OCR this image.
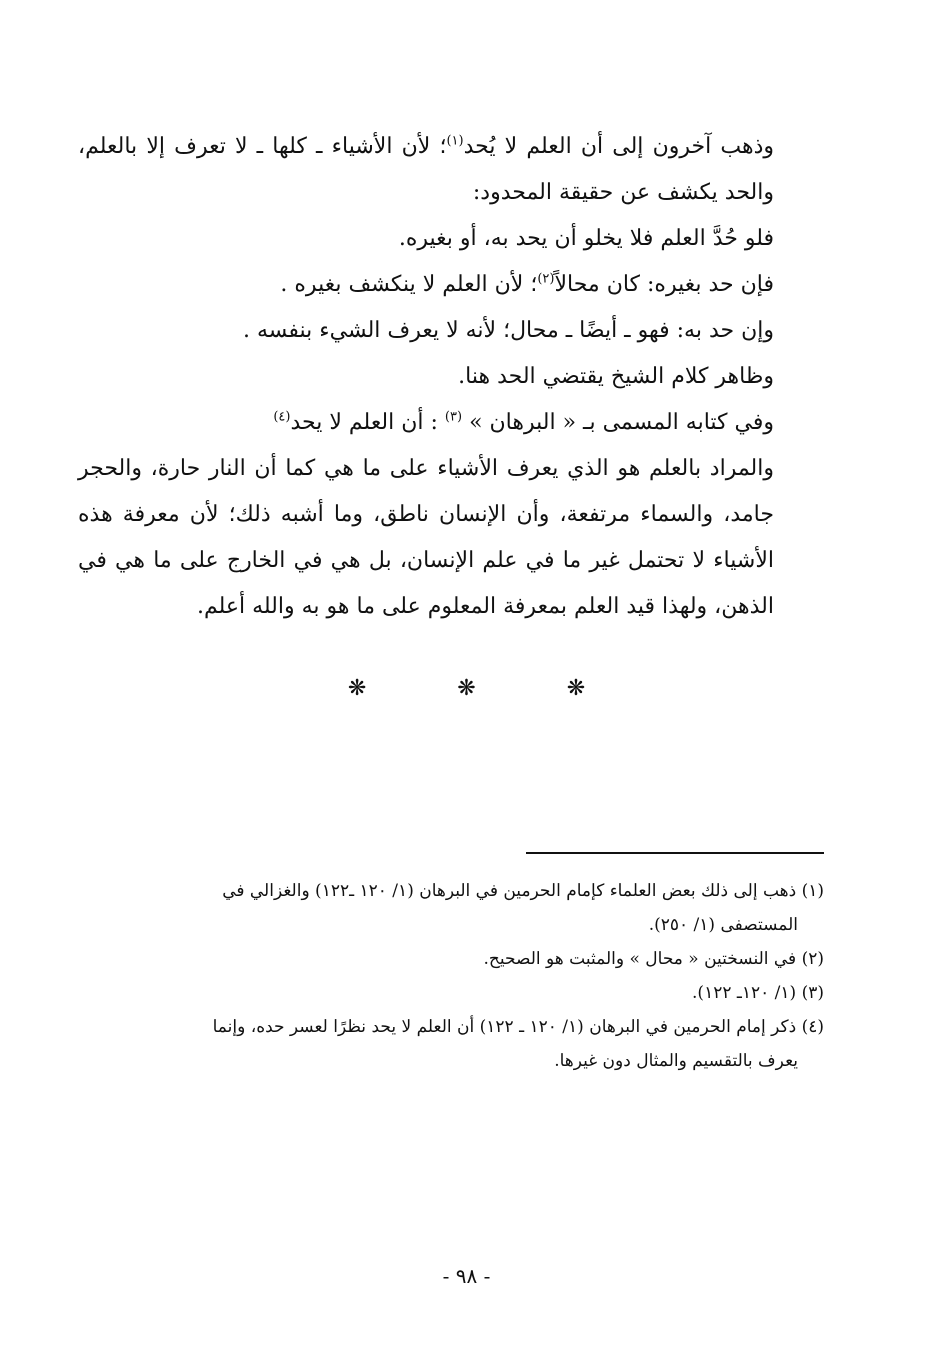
وذهب آخرون إلى أن العلم لا يُحد$^{(١)}$؛ لأن الأشياء ـ كلها ـ لا تعرف إلا بالعلم، والحد يكشف عن حقيقة المحدود:

فلو حُدَّ العلم فلا يخلو أن يحد به، أو بغيره.

فإن حد بغيره: كان محالاً$^{(٢)}$؛ لأن العلم لا ينكشف بغيره .

وإن حد به: فهو ـ أيضًا ـ محال؛ لأنه لا يعرف الشيء بنفسه .

وظاهر كلام الشيخ يقتضي الحد هنا.

وفي كتابه المسمى بـ « البرهان » $^{(٣)}$ : أن العلم لا يحد$^{(٤)}$

والمراد بالعلم هو الذي يعرف الأشياء على ما هي كما أن النار حارة، والحجر جامد، والسماء مرتفعة، وأن الإنسان ناطق، وما أشبه ذلك؛ لأن معرفة هذه الأشياء لا تحتمل غير ما في علم الإنسان، بل هي في الخارج على ما هي في الذهن، ولهذا قيد العلم بمعرفة المعلوم على ما هو به والله أعلم.

❋ ❋ ❋

(١) ذهب إلى ذلك بعض العلماء كإمام الحرمين في البرهان (١/ ١٢٠ ـ١٢٢) والغزالي في

المستصفى (١/ ٢٥٠).

(٢) في النسختين « محال » والمثبت هو الصحيح.

(٣) (١/ ١٢٠ـ ١٢٢).

(٤) ذكر إمام الحرمين في البرهان (١/ ١٢٠ ـ ١٢٢) أن العلم لا يحد نظرًا لعسر حده، وإنما

يعرف بالتقسيم والمثال دون غيرها.

- ٩٨ -
